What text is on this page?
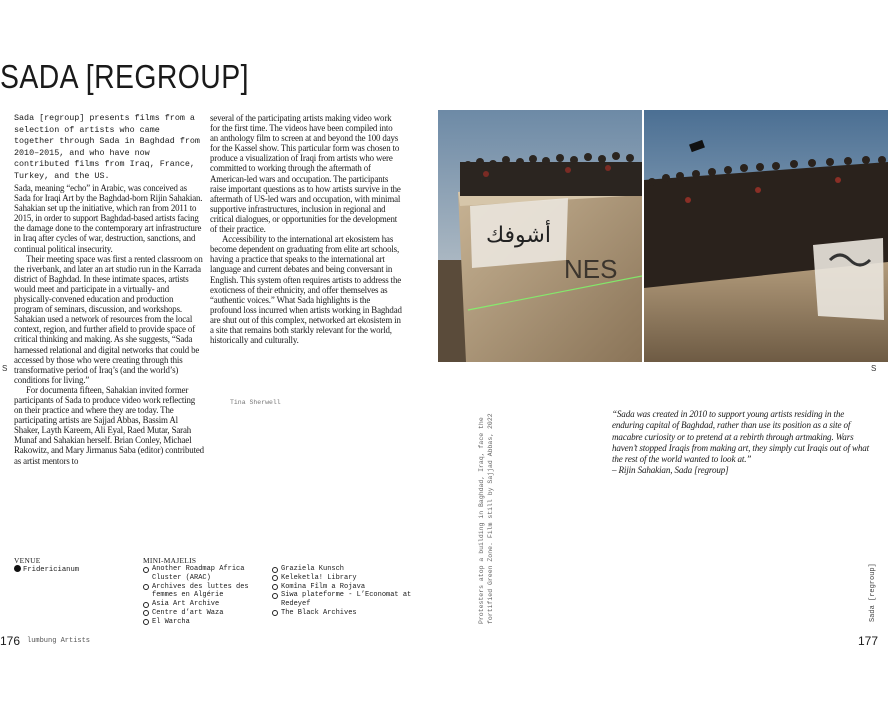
SADA [REGROUP]
Sada [regroup] presents films from a selection of artists who came together through Sada in Baghdad from 2010–2015, and who have now contributed films from Iraq, France, Turkey, and the US.

Sada, meaning “echo” in Arabic, was conceived as Sada for Iraqi Art by the Baghdad-born Rijin Sahakian. Sahakian set up the initiative, which ran from 2011 to 2015, in order to support Baghdad-based artists facing the damage done to the contemporary art infrastructure in Iraq after cycles of war, destruction, sanctions, and continual political insecurity.

Their meeting space was first a rented classroom on the riverbank, and later an art studio run in the Karrada district of Baghdad. In these intimate spaces, artists would meet and participate in a virtually- and physically-convened education and production program of seminars, discussion, and workshops. Sahakian used a network of resources from the local context, region, and further afield to provide space of critical thinking and making. As she suggests, “Sada harnessed relational and digital networks that could be accessed by those who were creating through this transformative period of Iraq’s (and the world’s) conditions for living.”

For documenta fifteen, Sahakian invited former participants of Sada to produce video work reflecting on their practice and where they are today. The participating artists are Sajjad Abbas, Bassim Al Shaker, Layth Kareem, Ali Eyal, Raed Mutar, Sarah Munaf and Sahakian herself. Brian Conley, Michael Rakowitz, and Mary Jirmanus Saba (editor) contributed as artist mentors to

several of the participating artists making video work for the first time. The videos have been compiled into an anthology film to screen at and beyond the 100 days for the Kassel show. This particular form was chosen to produce a visualization of Iraqi from artists who were committed to working through the aftermath of American-led wars and occupation. The participants raise important questions as to how artists survive in the aftermath of US-led wars and occupation, with minimal supportive infrastructures, inclusion in regional and critical dialogues, or opportunities for the development of their practice.

Accessibility to the international art ekosistem has become dependent on graduating from elite art schools, having a practice that speaks to the international art language and current debates and being conversant in English. This system often requires artists to address the exoticness of their ethnicity, and offer themselves as “authentic voices.” What Sada highlights is the profound loss incurred when artists working in Baghdad are shut out of this complex, networked art ekosistem in a site that remains both starkly relevant for the world, historically and culturally.

Tina Sherwell
VENUE
Fridericianum
MINI-MAJELIS
Another Roadmap Africa Cluster (ARAC)
Archives des luttes des femmes en Algérie
Asia Art Archive
Centre d’art Waza
El Warcha
Graziela Kunsch
Keleketla! Library
Komîna Fîlm a Rojava
Siwa plateforme - L’Economat at Redeyef
The Black Archives
176 lumbung Artists	177
S	S
أشوفك
NES
“Sada was created in 2010 to support young artists residing in the enduring capital of Baghdad, rather than use its position as a site of macabre curiosity or to pretend at a rebirth through artmaking. Wars haven’t stopped Iraqis from making art, they simply cut Iraqis out of what the rest of the world wanted to look at.”
– Rijin Sahakian, Sada [regroup]
Protesters atop a building in Baghdad, Iraq, face the fortified Green Zone. Film still by Sajjad Abbas, 2022	Sada [regroup]
